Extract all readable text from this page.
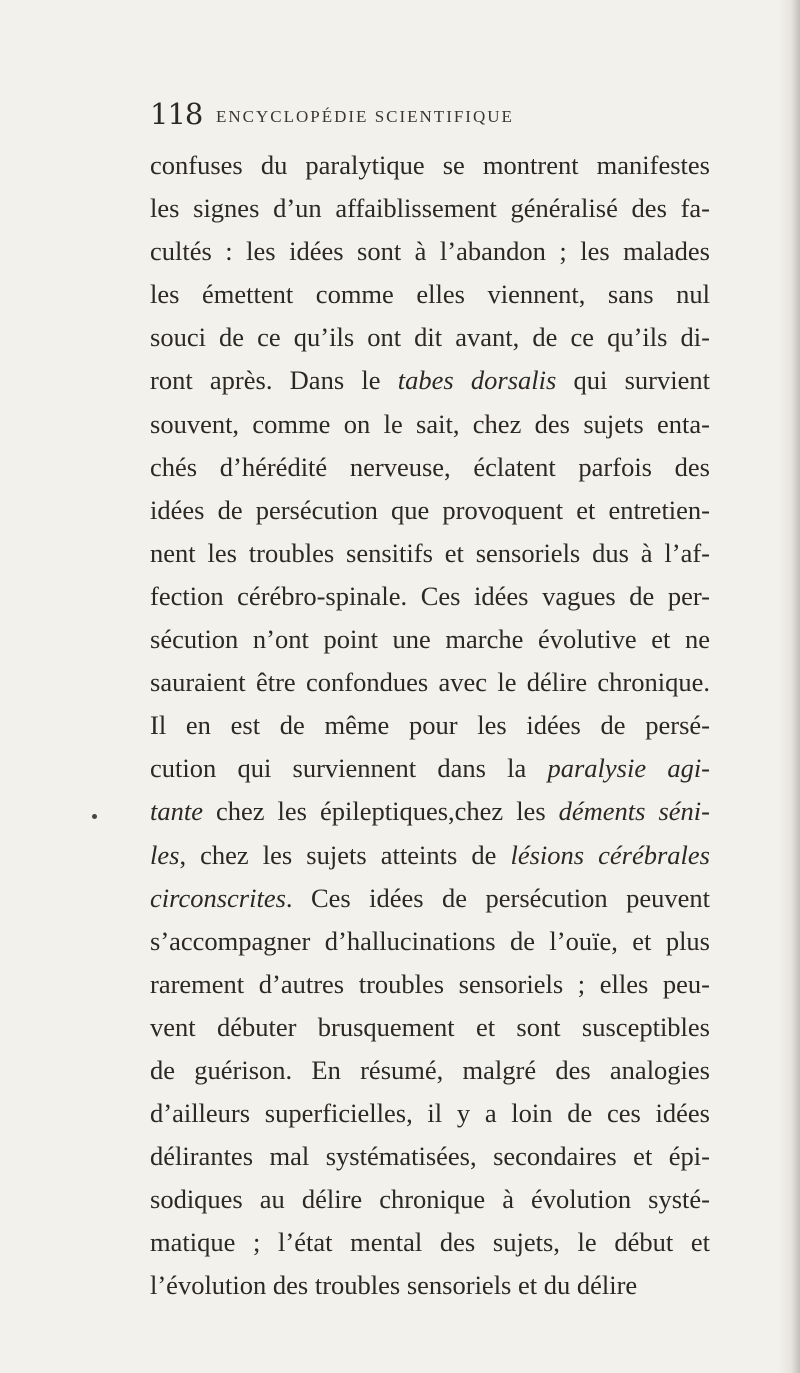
118 ENCYCLOPÉDIE SCIENTIFIQUE
confuses du paralytique se montrent manifestes
les signes d’un affaiblissement généralisé des fa-
cultés : les idées sont à l’abandon ; les malades
les émettent comme elles viennent, sans nul
souci de ce qu’ils ont dit avant, de ce qu’ils di-
ront après. Dans le tabes dorsalis qui survient
souvent, comme on le sait, chez des sujets enta-
chés d’hérédité nerveuse, éclatent parfois des
idées de persécution que provoquent et entretien-
nent les troubles sensitifs et sensoriels dus à l’af-
fection cérébro-spinale. Ces idées vagues de per-
sécution n’ont point une marche évolutive et ne
sauraient être confondues avec le délire chronique.
Il en est de même pour les idées de persé-
cution qui surviennent dans la paralysie agi-
tante chez les épileptiques,chez les déments séni-
les, chez les sujets atteints de lésions cérébrales
circonscrites. Ces idées de persécution peuvent
s’accompagner d’hallucinations de l’ouïe, et plus
rarement d’autres troubles sensoriels ; elles peu-
vent débuter brusquement et sont susceptibles
de guérison. En résumé, malgré des analogies
d’ailleurs superficielles, il y a loin de ces idées
délirantes mal systématisées, secondaires et épi-
sodiques au délire chronique à évolution systé-
matique ; l’état mental des sujets, le début et
l’évolution des troubles sensoriels et du délire
